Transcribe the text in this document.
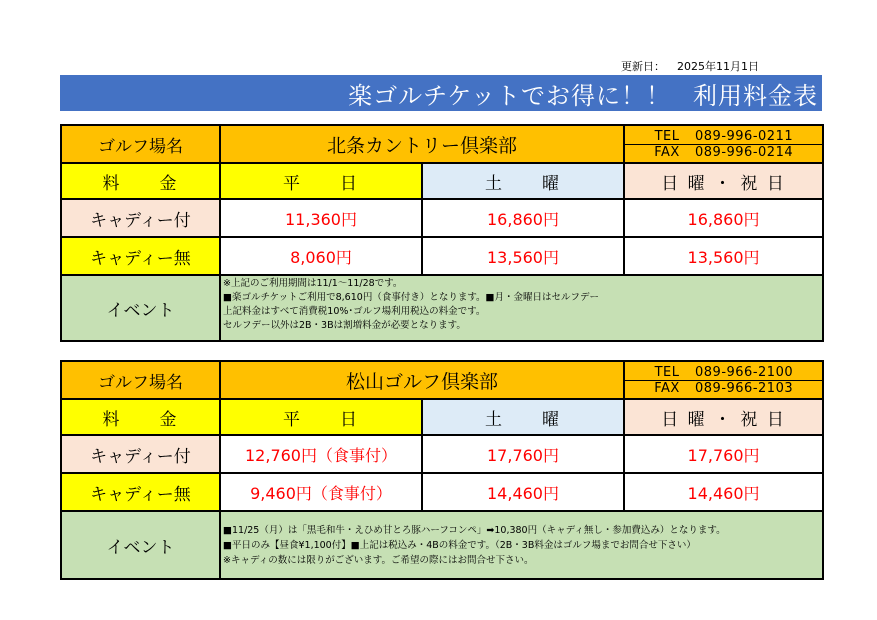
更新日： 2025年11月1日
楽ゴルチケットでお得に！！ 利用料金表
ゴルフ場名	北条カントリー倶楽部		TEL 089-996-0211
FAX 089-996-0214

料　　金	平　　日	土　　曜	日 曜 ・ 祝 日
キャディー付	11,360円	16,860円	16,860円
キャディー無	8,060円	13,560円	13,560円
イベント	※上記のご利用期間は11/1～11/28です。
■楽ゴルチケットご利用で8,610円（食事付き）となります。■月・金曜日はセルフデー
上記料金はすべて消費税10%･ゴルフ場利用税込の料金です。
セルフデー以外は2B・3Bは割増料金が必要となります。		
ゴルフ場名	松山ゴルフ倶楽部		TEL 089-966-2100
FAX 089-966-2103

料　　金	平　　日	土　　曜	日 曜 ・ 祝 日
キャディー付	12,760円（食事付）	17,760円	17,760円
キャディー無	9,460円（食事付）	14,460円	14,460円
イベント	■11/25（月）は「黒毛和牛・えひめ甘とろ豚ハーフコンペ」➡10,380円（キャディ無し・参加費込み）となります。
■平日のみ【昼食¥1,100付】■上記は税込み・4Bの料金です。（2B・3B料金はゴルフ場までお問合せ下さい）
※キャディの数には限りがございます。ご希望の際にはお問合せ下さい。		
